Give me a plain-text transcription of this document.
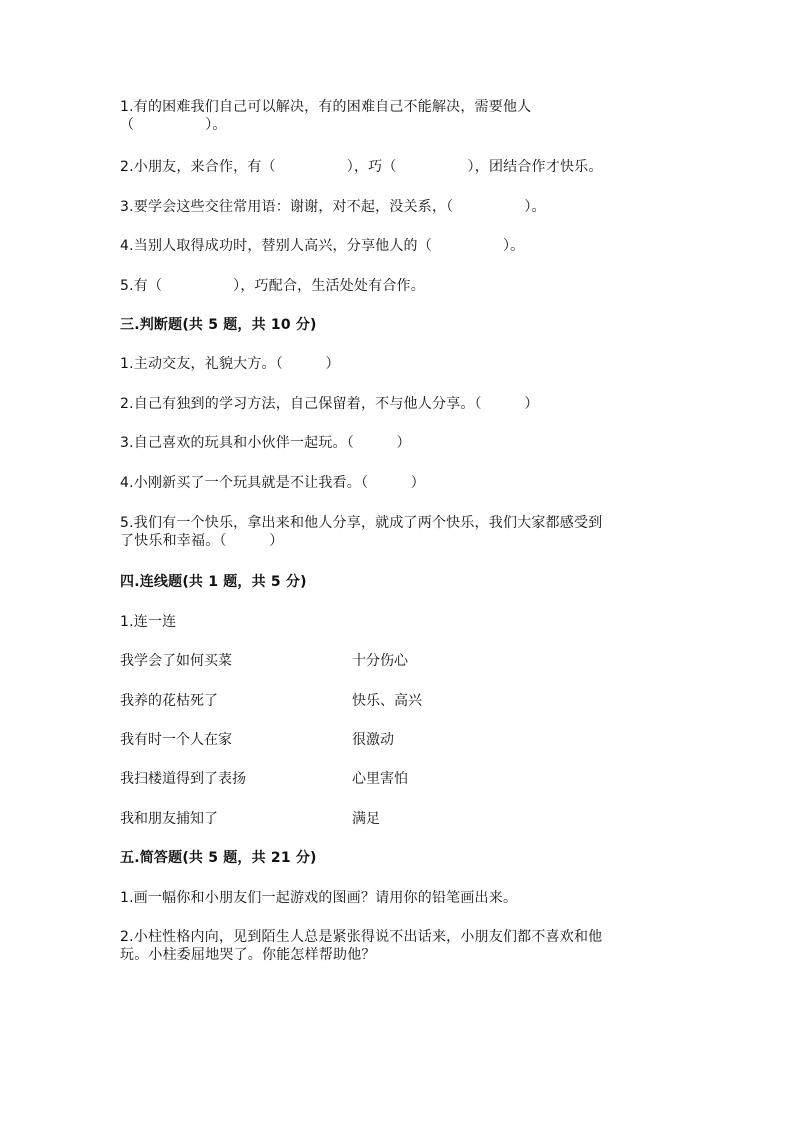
1.有的困难我们自己可以解决，有的困难自己不能解决，需要他人
（　　　　　）。

2.小朋友，来合作，有（　　　　　），巧（　　　　　），团结合作才快乐。

3.要学会这些交往常用语：谢谢，对不起，没关系，（　　　　　）。

4.当别人取得成功时，替别人高兴，分享他人的（　　　　　）。

5.有（　　　　　），巧配合，生活处处有合作。

三.判断题(共 5 题，共 10 分)

1.主动交友，礼貌大方。（　　　）

2.自己有独到的学习方法，自己保留着，不与他人分享。（　　　）

3.自己喜欢的玩具和小伙伴一起玩。（　　　）

4.小刚新买了一个玩具就是不让我看。（　　　）

5.我们有一个快乐，拿出来和他人分享，就成了两个快乐，我们大家都感受到
了快乐和幸福。（　　　）

四.连线题(共 1 题，共 5 分)

1.连一连

我学会了如何买菜	十分伤心
我养的花枯死了	快乐、高兴
我有时一个人在家	很激动
我扫楼道得到了表扬	心里害怕
我和朋友捕知了	满足

五.简答题(共 5 题，共 21 分)

1.画一幅你和小朋友们一起游戏的图画？请用你的铅笔画出来。

2.小柱性格内向，见到陌生人总是紧张得说不出话来，小朋友们都不喜欢和他
玩。小柱委屈地哭了。你能怎样帮助他？
